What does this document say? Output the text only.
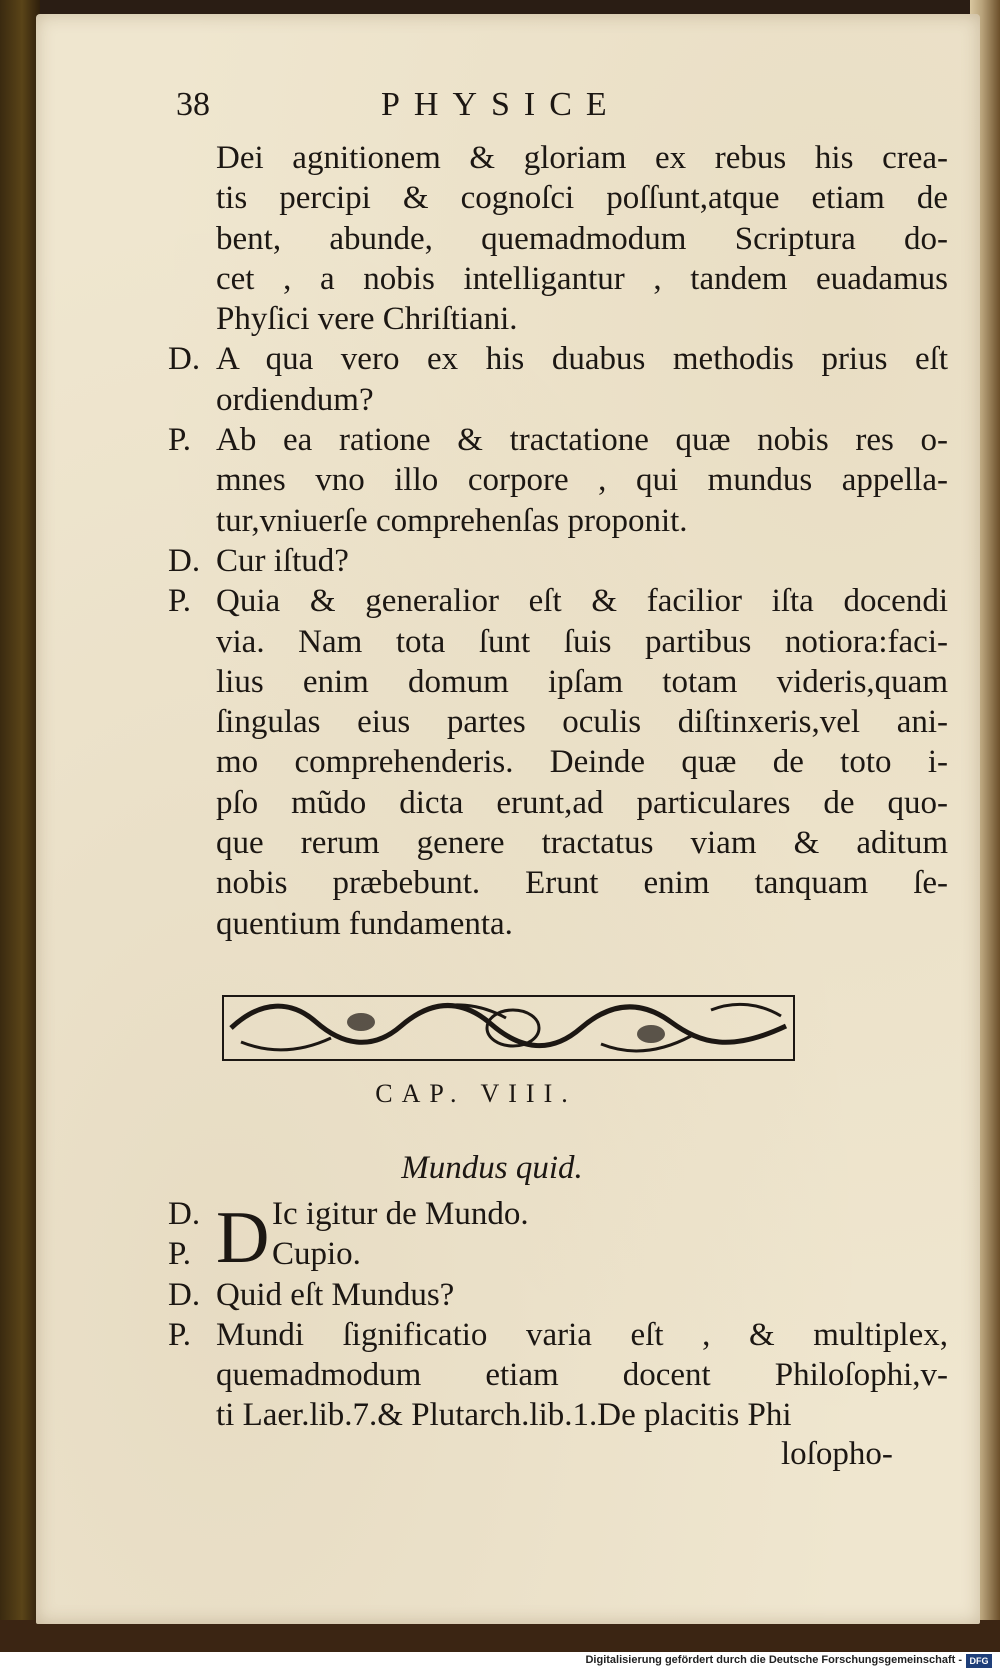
38	PHYSICE
Dei agnitionem & gloriam ex rebus his crea-
tis percipi & cognoſci poſſunt,atque etiam de
bent, abunde, quemadmodum Scriptura do-
cet , a nobis intelligantur , tandem euadamus
Phyſici vere Chriſtiani.
D. A qua vero ex his duabus methodis prius eſt
ordiendum?
P. Ab ea ratione & tractatione quæ nobis res o-
mnes vno illo corpore , qui mundus appella-
tur,vniuerſe comprehenſas proponit.
D. Cur iſtud?
P. Quia & generalior eſt & facilior iſta docendi
via. Nam tota ſunt ſuis partibus notiora:faci-
lius enim domum ipſam totam videris,quam
ſingulas eius partes oculis diſtinxeris,vel ani-
mo comprehenderis. Deinde quæ de toto i-
pſo mũdo dicta erunt,ad particulares de quo-
que rerum genere tractatus viam & aditum
nobis præbebunt. Erunt enim tanquam ſe-
quentium fundamenta.
CAP. VIII.
Mundus quid.
D
D.	Ic igitur de Mundo.
P.	Cupio.
D. Quid eſt Mundus?
P. Mundi ſignificatio varia eſt , & multiplex,
quemadmodum etiam docent Philoſophi,v-
ti Laer.lib.7.& Plutarch.lib.1.De placitis Phi
loſopho-
Digitalisierung gefördert durch die Deutsche Forschungsgemeinschaft - DFG
